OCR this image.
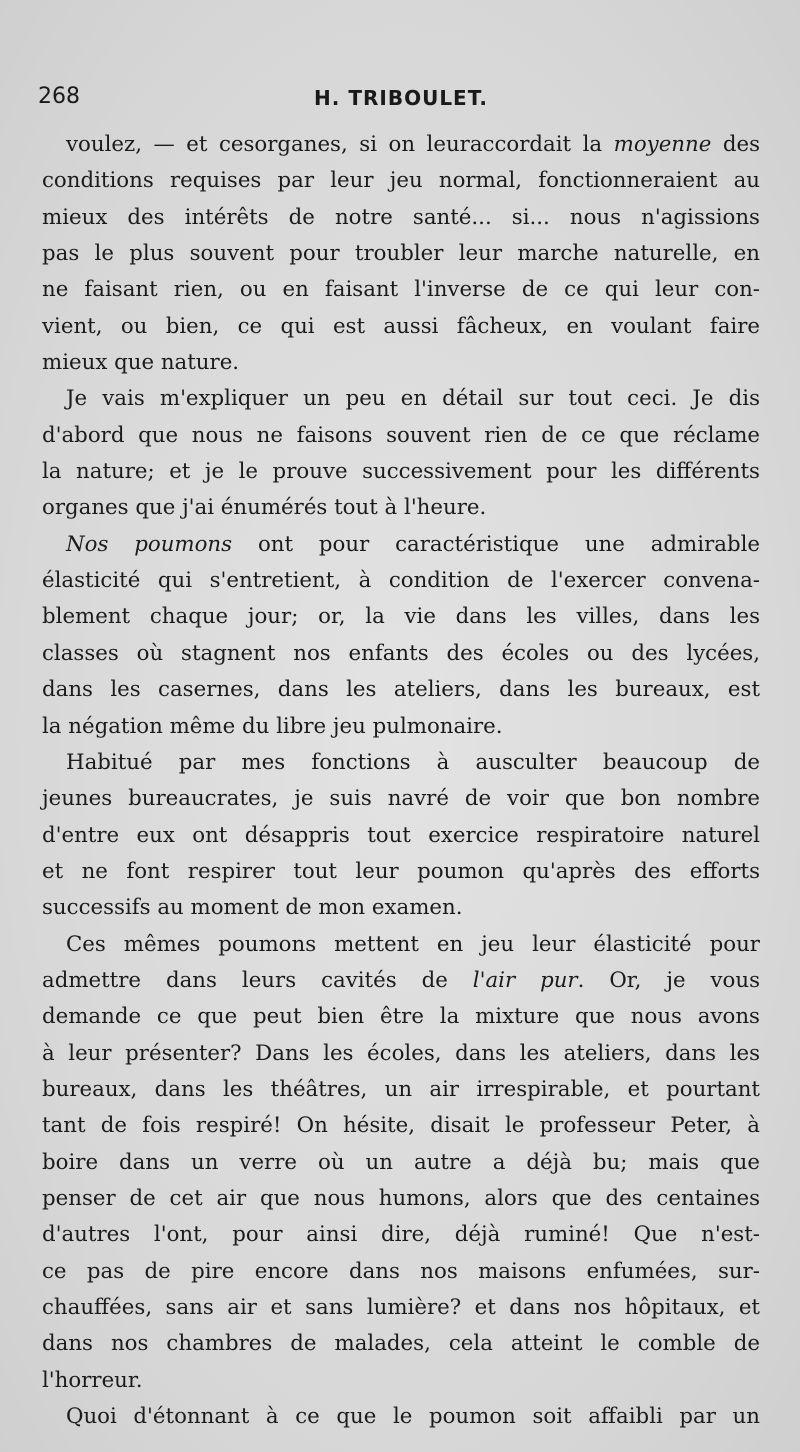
268	H. TRIBOULET.
voulez, — et cesorganes, si on leuraccordait la moyenne des
conditions requises par leur jeu normal, fonctionneraient au
mieux des intérêts de notre santé... si... nous n'agissions
pas le plus souvent pour troubler leur marche naturelle, en
ne faisant rien, ou en faisant l'inverse de ce qui leur con-
vient, ou bien, ce qui est aussi fâcheux, en voulant faire
mieux que nature.
Je vais m'expliquer un peu en détail sur tout ceci. Je dis
d'abord que nous ne faisons souvent rien de ce que réclame
la nature; et je le prouve successivement pour les différents
organes que j'ai énumérés tout à l'heure.
Nos poumons ont pour caractéristique une admirable
élasticité qui s'entretient, à condition de l'exercer convena-
blement chaque jour; or, la vie dans les villes, dans les
classes où stagnent nos enfants des écoles ou des lycées,
dans les casernes, dans les ateliers, dans les bureaux, est
la négation même du libre jeu pulmonaire.
Habitué par mes fonctions à ausculter beaucoup de
jeunes bureaucrates, je suis navré de voir que bon nombre
d'entre eux ont désappris tout exercice respiratoire naturel
et ne font respirer tout leur poumon qu'après des efforts
successifs au moment de mon examen.
Ces mêmes poumons mettent en jeu leur élasticité pour
admettre dans leurs cavités de l'air pur. Or, je vous
demande ce que peut bien être la mixture que nous avons
à leur présenter? Dans les écoles, dans les ateliers, dans les
bureaux, dans les théâtres, un air irrespirable, et pourtant
tant de fois respiré! On hésite, disait le professeur Peter, à
boire dans un verre où un autre a déjà bu; mais que
penser de cet air que nous humons, alors que des centaines
d'autres l'ont, pour ainsi dire, déjà ruminé! Que n'est-
ce pas de pire encore dans nos maisons enfumées, sur-
chauffées, sans air et sans lumière? et dans nos hôpitaux, et
dans nos chambres de malades, cela atteint le comble de
l'horreur.
Quoi d'étonnant à ce que le poumon soit affaibli par un
